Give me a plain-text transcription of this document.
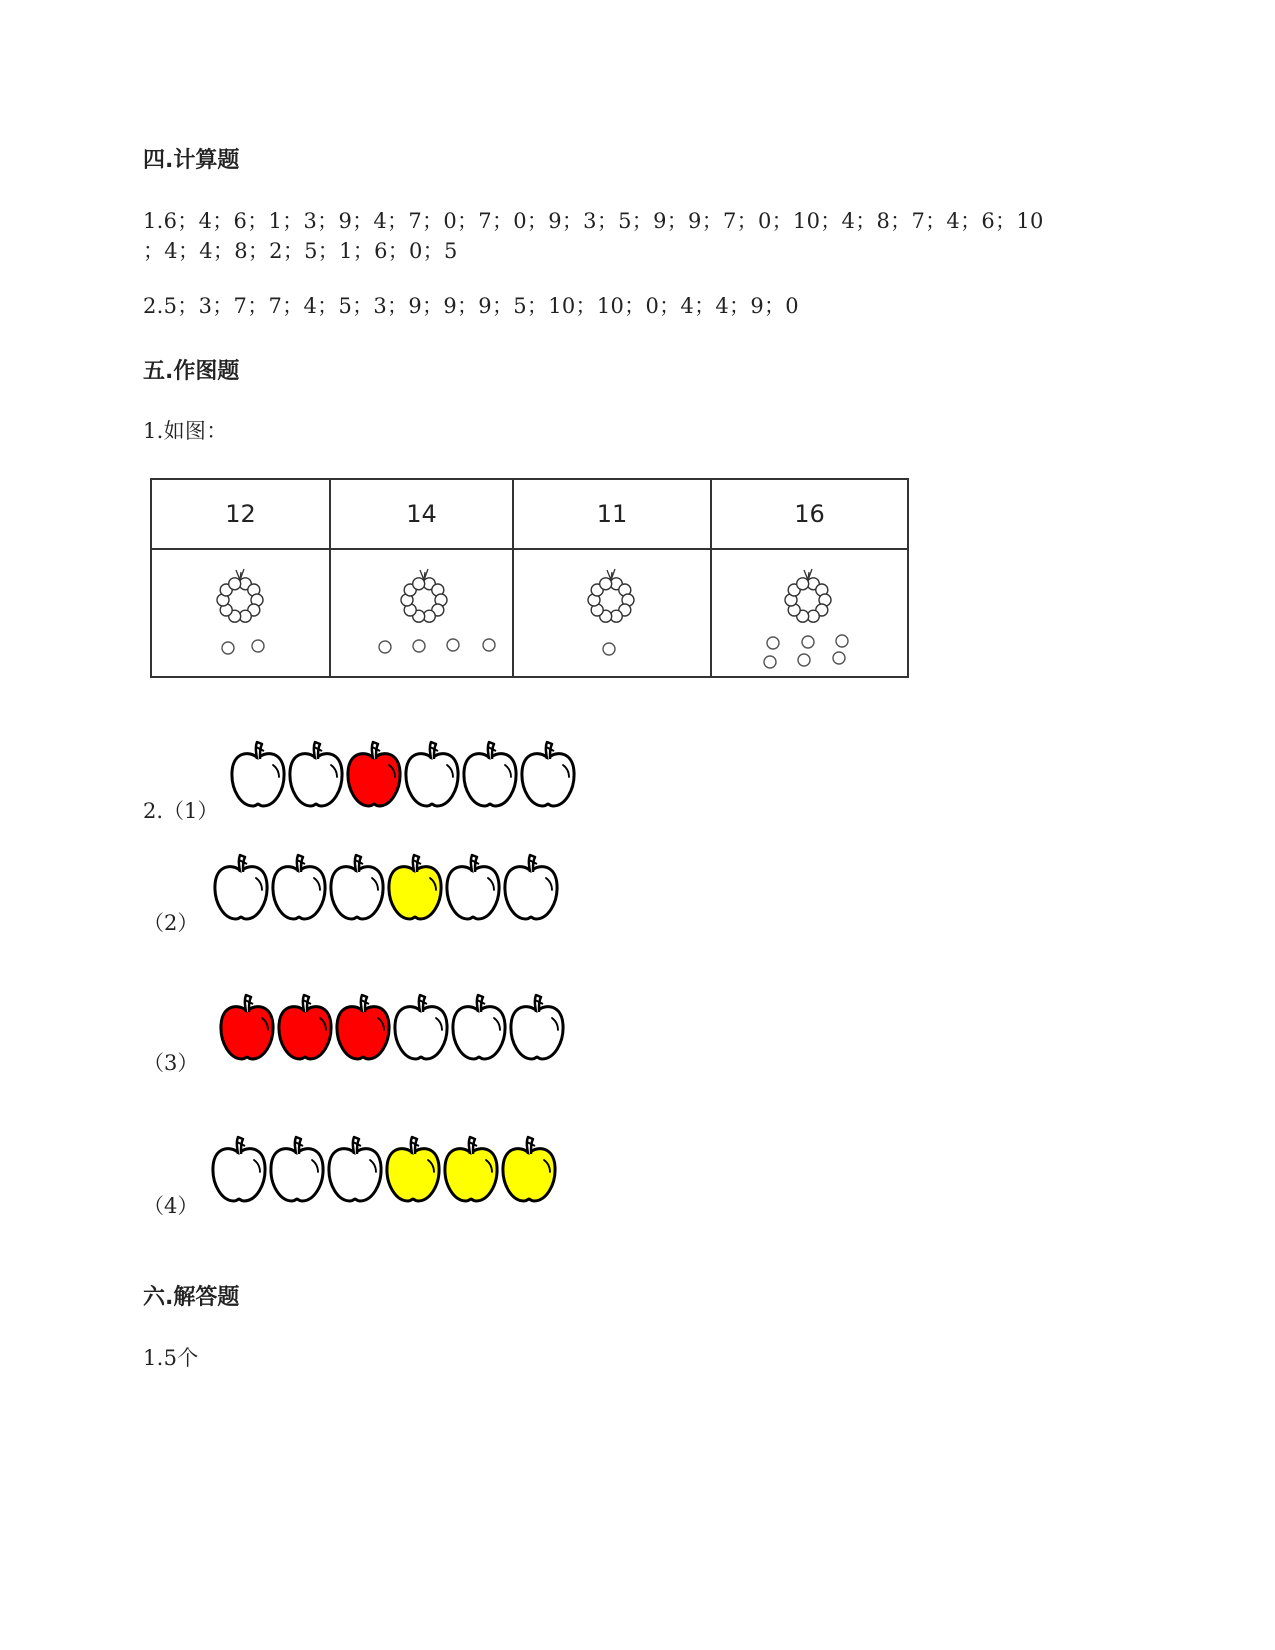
四.计算题
1.6；4；6；1；3；9；4；7；0；7；0；9；3；5；9；9；7；0；10；4；8；7；4；6；10
；4；4；8；2；5；1；6；0；5
2.5；3；7；7；4；5；3；9；9；9；5；10；10；0；4；4；9；0
五.作图题
1.如图：
12	14	11	16

2.（1）
（2）
（3）
（4）
六.解答题
1.5个
